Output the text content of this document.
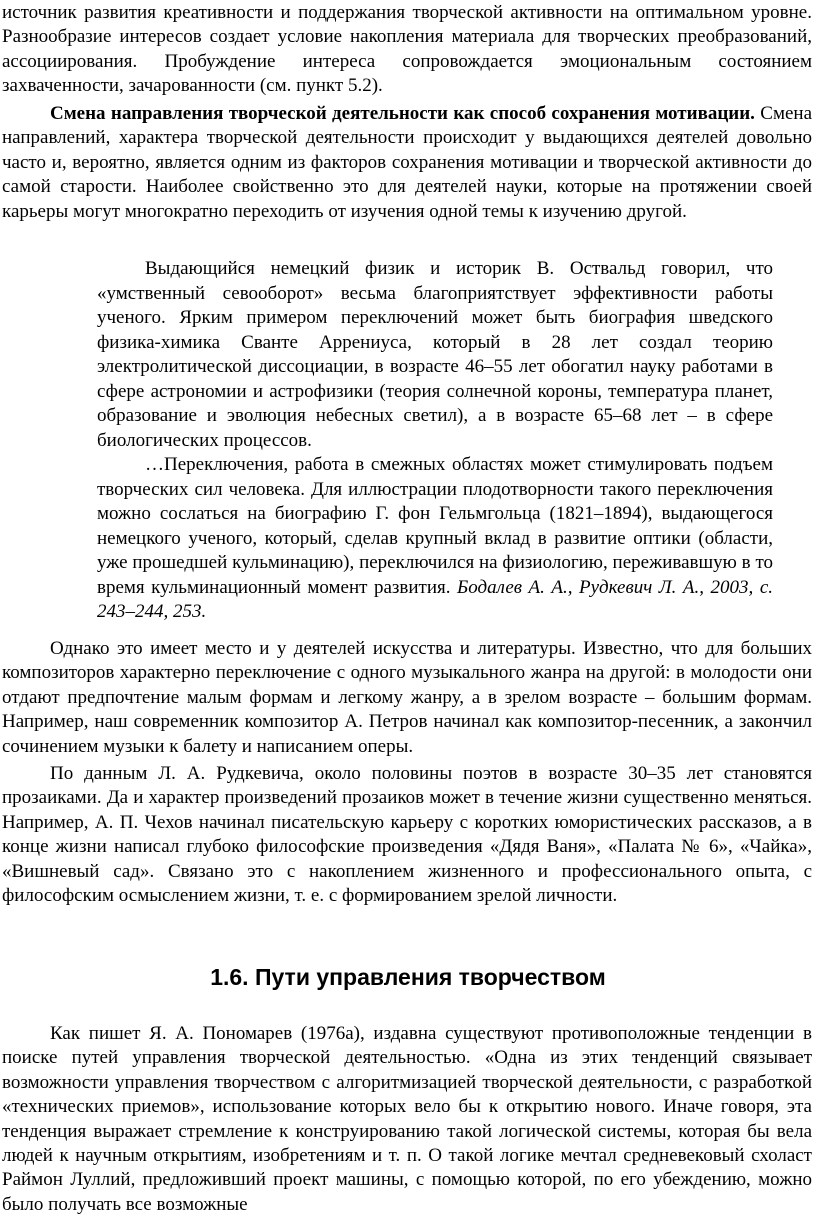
источник развития креативности и поддержания творческой активности на оптимальном уровне. Разнообразие интересов создает условие накопления материала для творческих преобразований, ассоциирования. Пробуждение интереса сопровождается эмоциональным состоянием захваченности, зачарованности (см. пункт 5.2).

Смена направления творческой деятельности как способ сохранения мотивации. Смена направлений, характера творческой деятельности происходит у выдающихся деятелей довольно часто и, вероятно, является одним из факторов сохранения мотивации и творческой активности до самой старости. Наиболее свойственно это для деятелей науки, которые на протяжении своей карьеры могут многократно переходить от изучения одной темы к изучению другой.

Выдающийся немецкий физик и историк В. Оствальд говорил, что «умственный севооборот» весьма благоприятствует эффективности работы ученого. Ярким примером переключений может быть биография шведского физика-химика Сванте Аррениуса, который в 28 лет создал теорию электролитической диссоциации, в возрасте 46–55 лет обогатил науку работами в сфере астрономии и астрофизики (теория солнечной короны, температура планет, образование и эволюция небесных светил), а в возрасте 65–68 лет – в сфере биологических процессов.

…Переключения, работа в смежных областях может стимулировать подъем творческих сил человека. Для иллюстрации плодотворности такого переключения можно сослаться на биографию Г. фон Гельмгольца (1821–1894), выдающегося немецкого ученого, который, сделав крупный вклад в развитие оптики (области, уже прошедшей кульминацию), переключился на физиологию, переживавшую в то время кульминационный момент развития. Бодалев А. А., Рудкевич Л. А., 2003, с. 243–244, 253.

Однако это имеет место и у деятелей искусства и литературы. Известно, что для больших композиторов характерно переключение с одного музыкального жанра на другой: в молодости они отдают предпочтение малым формам и легкому жанру, а в зрелом возрасте – большим формам. Например, наш современник композитор А. Петров начинал как композитор-песенник, а закончил сочинением музыки к балету и написанием оперы.

По данным Л. А. Рудкевича, около половины поэтов в возрасте 30–35 лет становятся прозаиками. Да и характер произведений прозаиков может в течение жизни существенно меняться. Например, А. П. Чехов начинал писательскую карьеру с коротких юмористических рассказов, а в конце жизни написал глубоко философские произведения «Дядя Ваня», «Палата № 6», «Чайка», «Вишневый сад». Связано это с накоплением жизненного и профессионального опыта, с философским осмыслением жизни, т. е. с формированием зрелой личности.

1.6. Пути управления творчеством

Как пишет Я. А. Пономарев (1976а), издавна существуют противоположные тенденции в поиске путей управления творческой деятельностью. «Одна из этих тенденций связывает возможности управления творчеством с алгоритмизацией творческой деятельности, с разработкой «технических приемов», использование которых вело бы к открытию нового. Иначе говоря, эта тенденция выражает стремление к конструированию такой логической системы, которая бы вела людей к научным открытиям, изобретениям и т. п. О такой логике мечтал средневековый схоласт Раймон Луллий, предложивший проект машины, с помощью которой, по его убеждению, можно было получать все возможные
